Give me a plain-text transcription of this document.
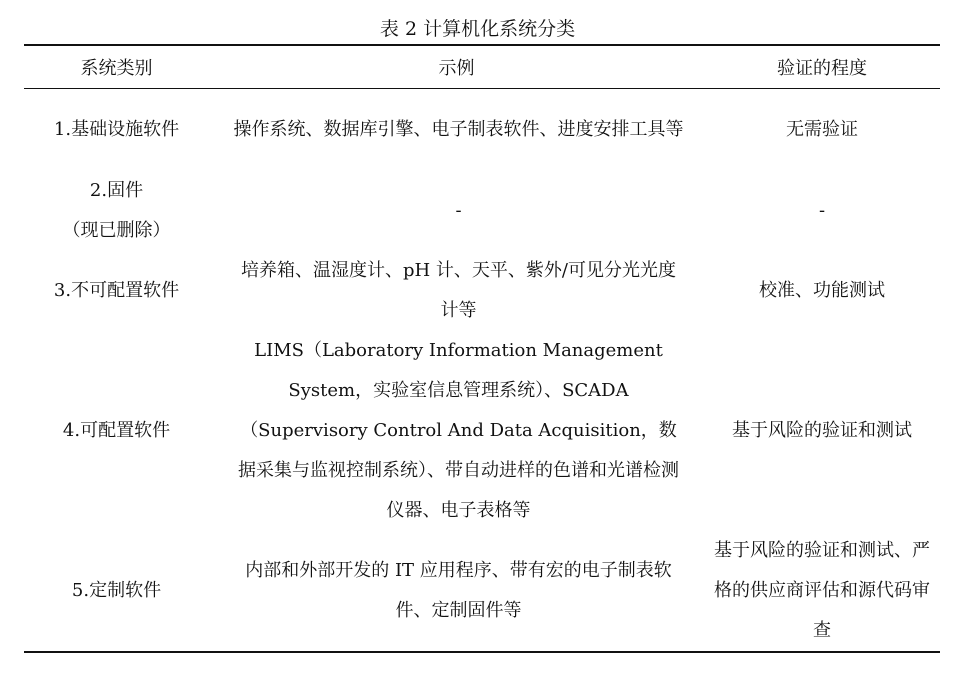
表 2 计算机化系统分类
系统类别	示例	验证的程度
1.基础设施软件	操作系统、数据库引擎、电子制表软件、进度安排工具等	无需验证

2.固件
（现已删除）	-	-
3.不可配置软件	培养箱、温湿度计、pH 计、天平、紫外/可见分光光度计等	校准、功能测试
4.可配置软件	LIMS（Laboratory Information Management System，实验室信息管理系统）、SCADA（Supervisory Control And Data Acquisition，数据采集与监视控制系统）、带自动进样的色谱和光谱检测仪器、电子表格等	基于风险的验证和测试
5.定制软件	内部和外部开发的 IT 应用程序、带有宏的电子制表软件、定制固件等	基于风险的验证和测试、严格的供应商评估和源代码审查
